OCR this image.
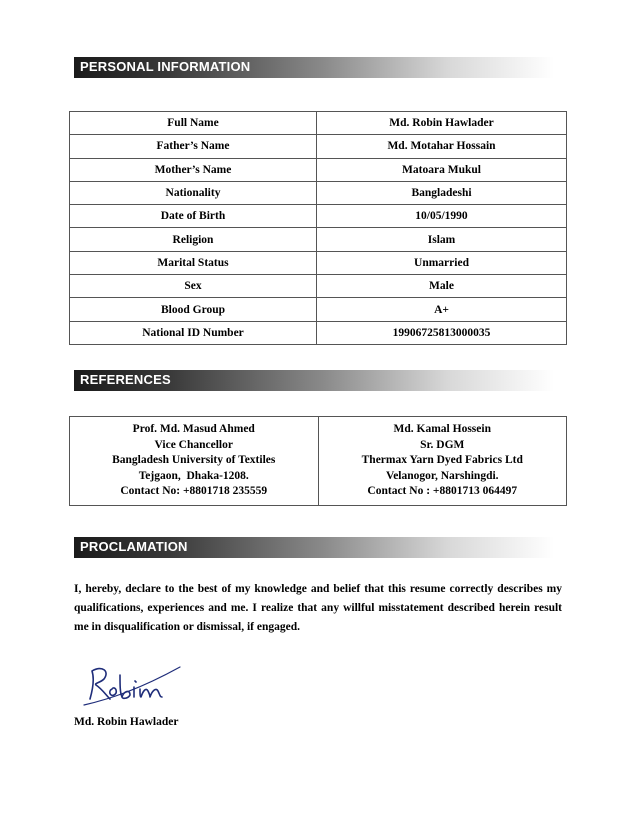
PERSONAL INFORMATION
Full Name	Md. Robin Hawlader
Father’s Name	Md. Motahar Hossain
Mother’s Name	Matoara Mukul
Nationality	Bangladeshi
Date of Birth	10/05/1990
Religion	Islam
Marital Status	Unmarried
Sex	Male
Blood Group	A+
National ID Number	19906725813000035
REFERENCES
Prof. Md. Masud Ahmed
Vice Chancellor
Bangladesh University of Textiles
Tejgaon,  Dhaka-1208.
Contact No: +8801718 235559

Md. Kamal Hossein
Sr. DGM
Thermax Yarn Dyed Fabrics Ltd
Velanogor, Narshingdi.
Contact No : +8801713 064497
PROCLAMATION
I, hereby, declare to the best of my knowledge and belief that this resume correctly describes my qualifications, experiences and me. I realize that any willful misstatement described herein result me in disqualification or dismissal, if engaged.
Md. Robin Hawlader
